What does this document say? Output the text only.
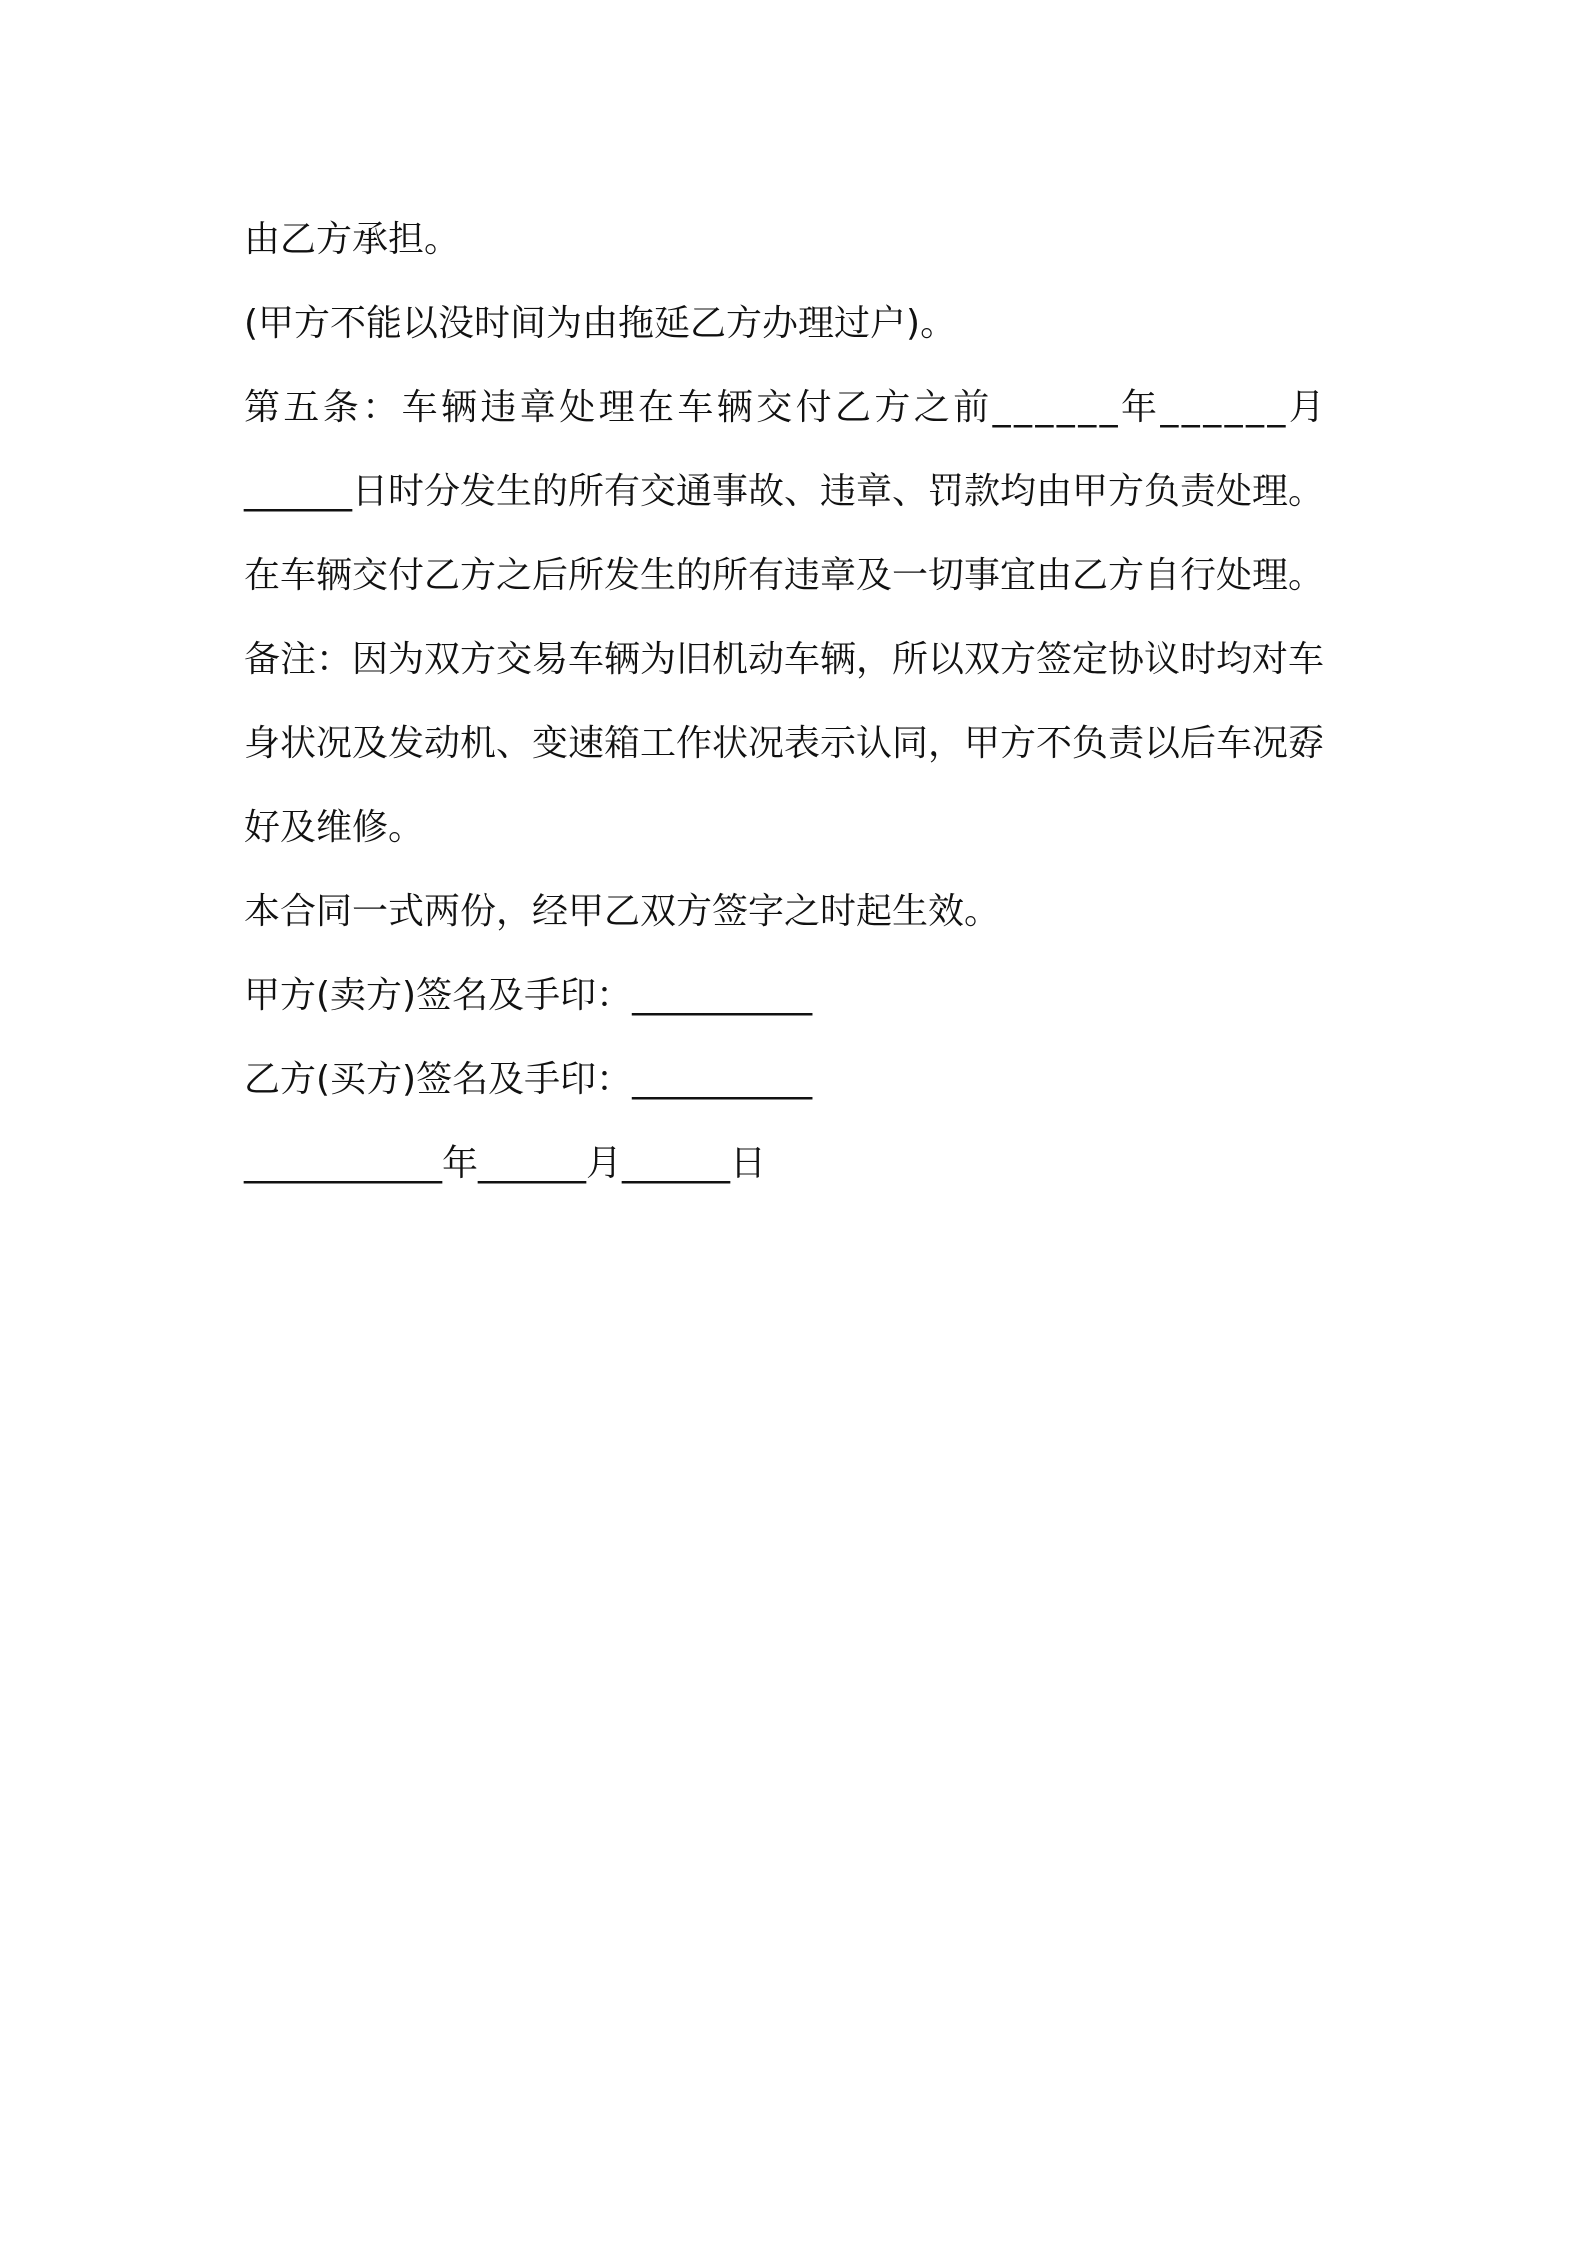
由乙方承担。
(甲方不能以没时间为由拖延乙方办理过户)。
第五条：车辆违章处理在车辆交付乙方之前______年______月
______日时分发生的所有交通事故、违章、罚款均由甲方负责处理。
在车辆交付乙方之后所发生的所有违章及一切事宜由乙方自行处理。
备注：因为双方交易车辆为旧机动车辆，所以双方签定协议时均对车
身状况及发动机、变速箱工作状况表示认同，甲方不负责以后车况孬
好及维修。
本合同一式两份，经甲乙双方签字之时起生效。
甲方(卖方)签名及手印：__________
乙方(买方)签名及手印：__________
___________年______月______日
